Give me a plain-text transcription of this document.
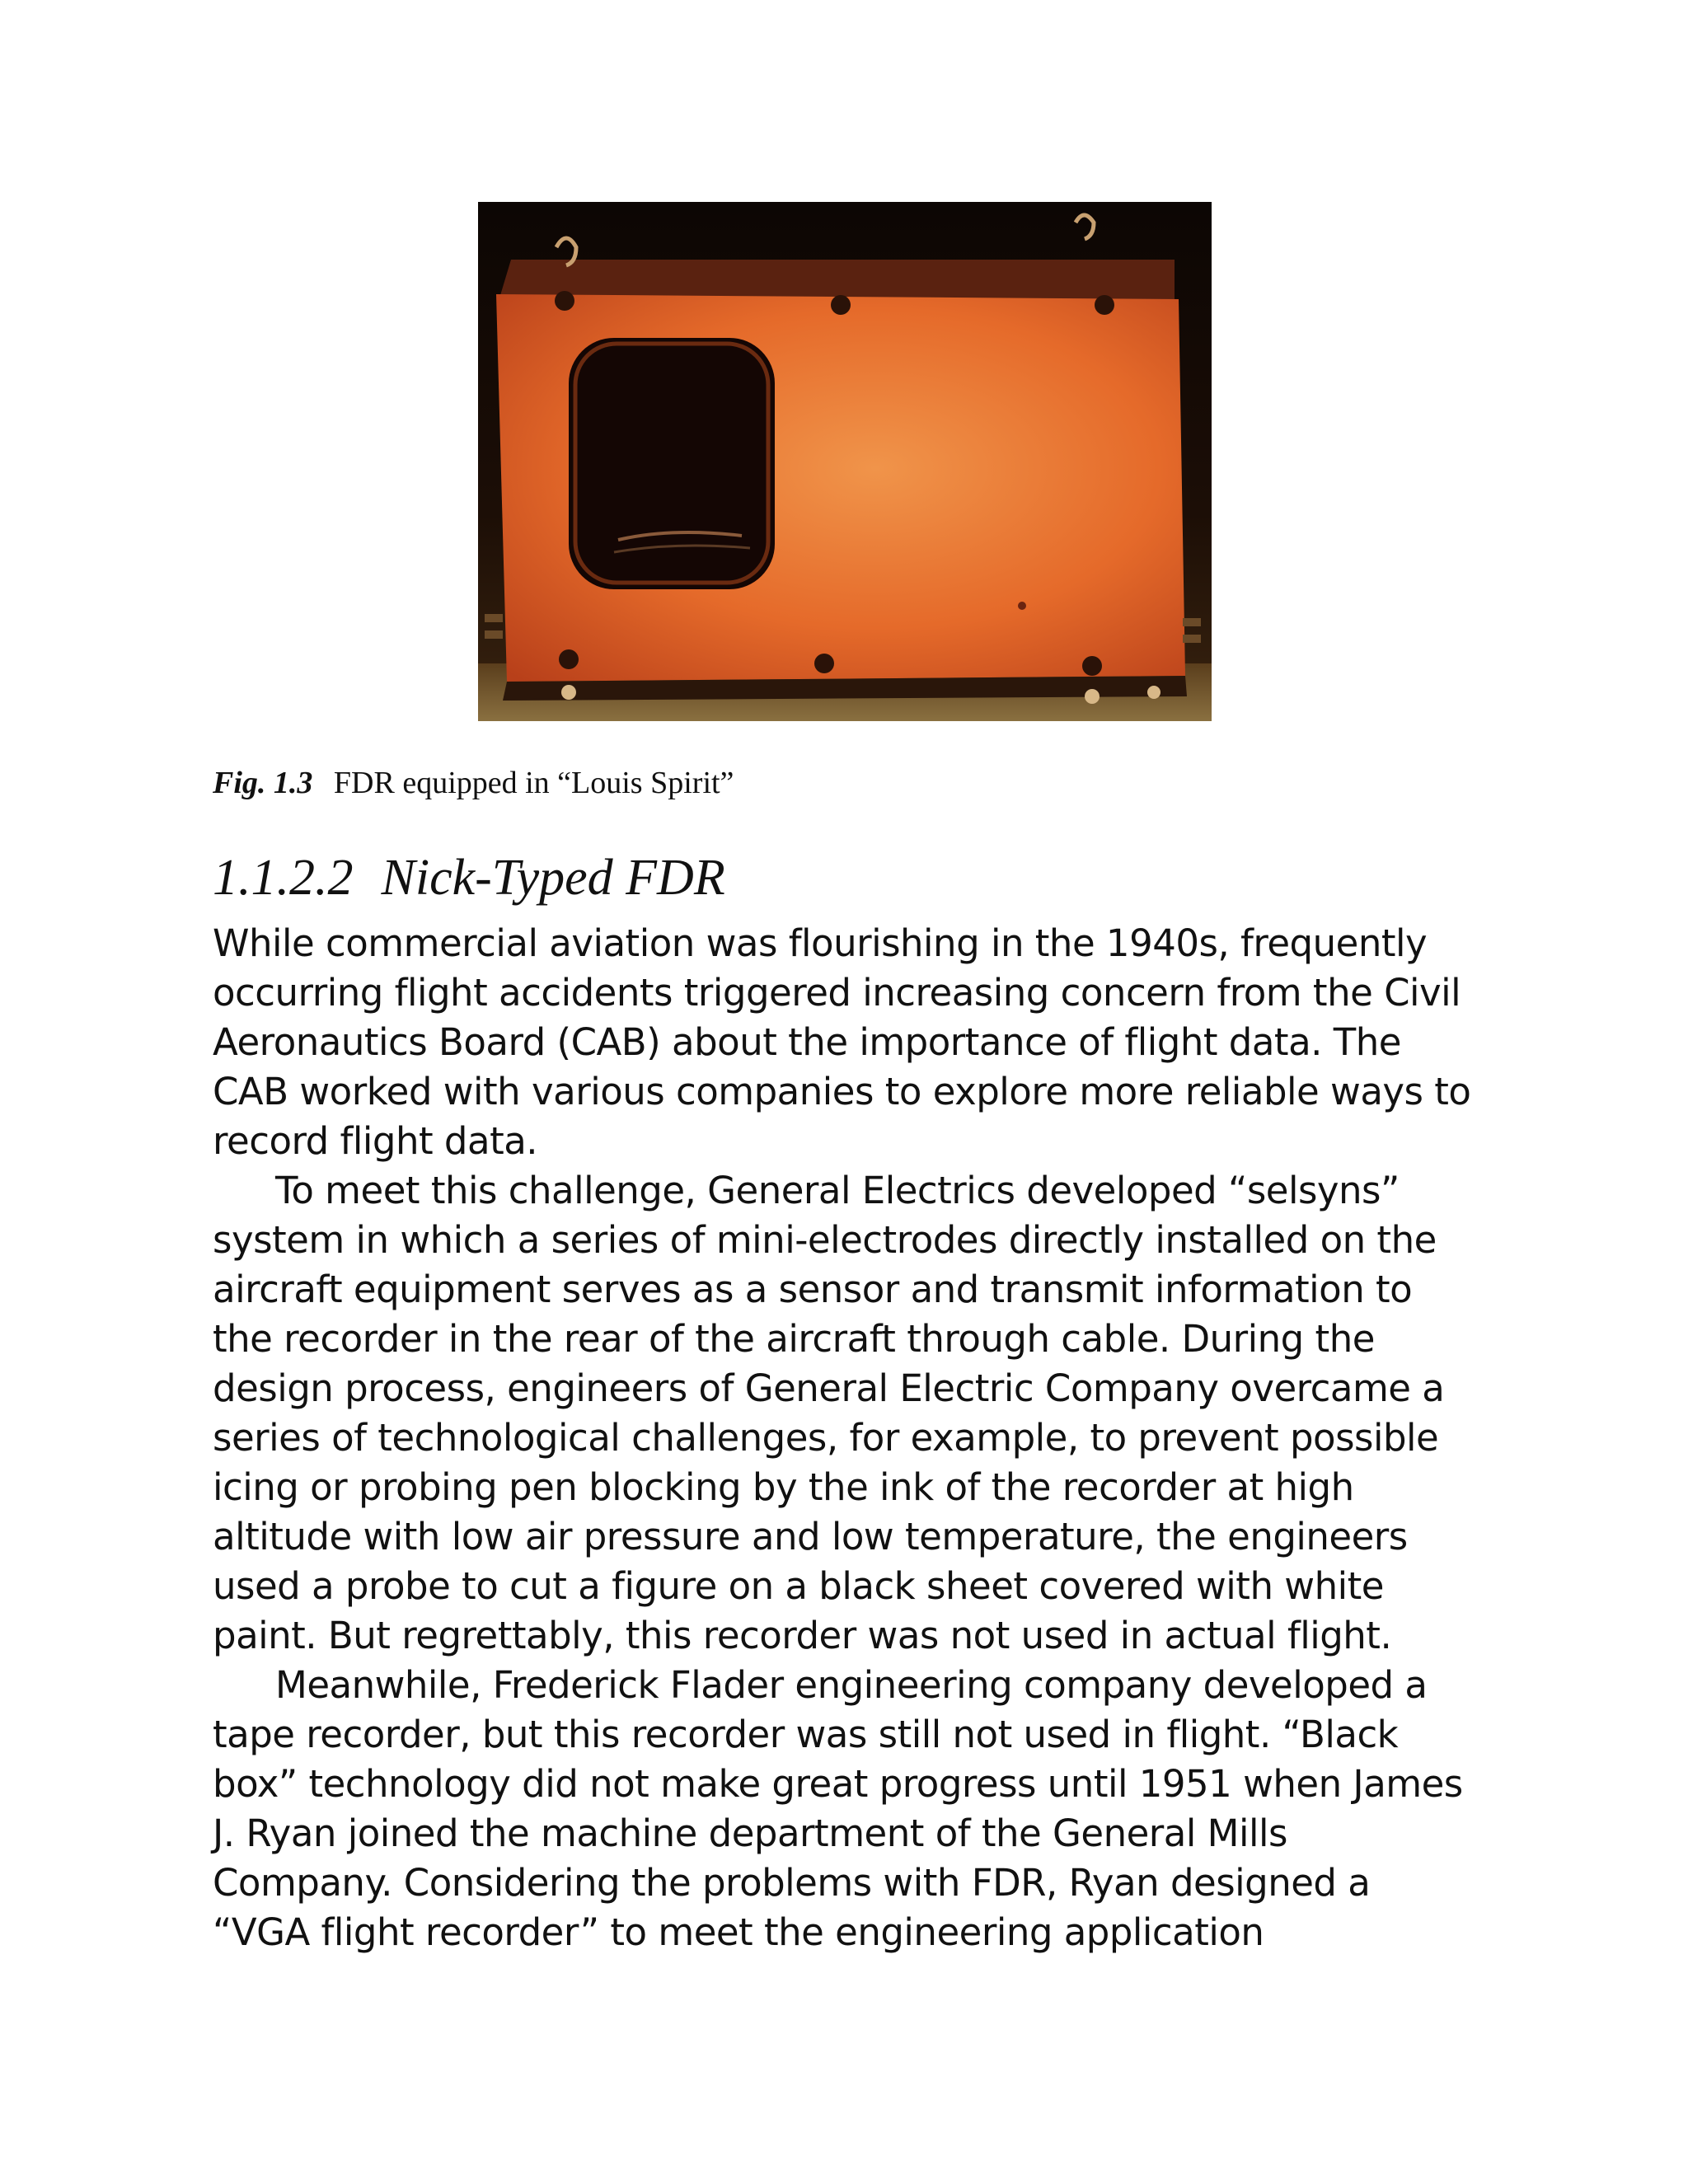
Fig. 1.3 FDR equipped in “Louis Spirit”
1.1.2.2 Nick-Typed FDR
While commercial aviation was flourishing in the 1940s, frequently
occurring flight accidents triggered increasing concern from the Civil
Aeronautics Board (CAB) about the importance of flight data. The
CAB worked with various companies to explore more reliable ways to
record flight data.
To meet this challenge, General Electrics developed “selsyns”
system in which a series of mini-electrodes directly installed on the
aircraft equipment serves as a sensor and transmit information to
the recorder in the rear of the aircraft through cable. During the
design process, engineers of General Electric Company overcame a
series of technological challenges, for example, to prevent possible
icing or probing pen blocking by the ink of the recorder at high
altitude with low air pressure and low temperature, the engineers
used a probe to cut a figure on a black sheet covered with white
paint. But regrettably, this recorder was not used in actual flight.
Meanwhile, Frederick Flader engineering company developed a
tape recorder, but this recorder was still not used in flight. “Black
box” technology did not make great progress until 1951 when James
J. Ryan joined the machine department of the General Mills
Company. Considering the problems with FDR, Ryan designed a
“VGA flight recorder” to meet the engineering application
